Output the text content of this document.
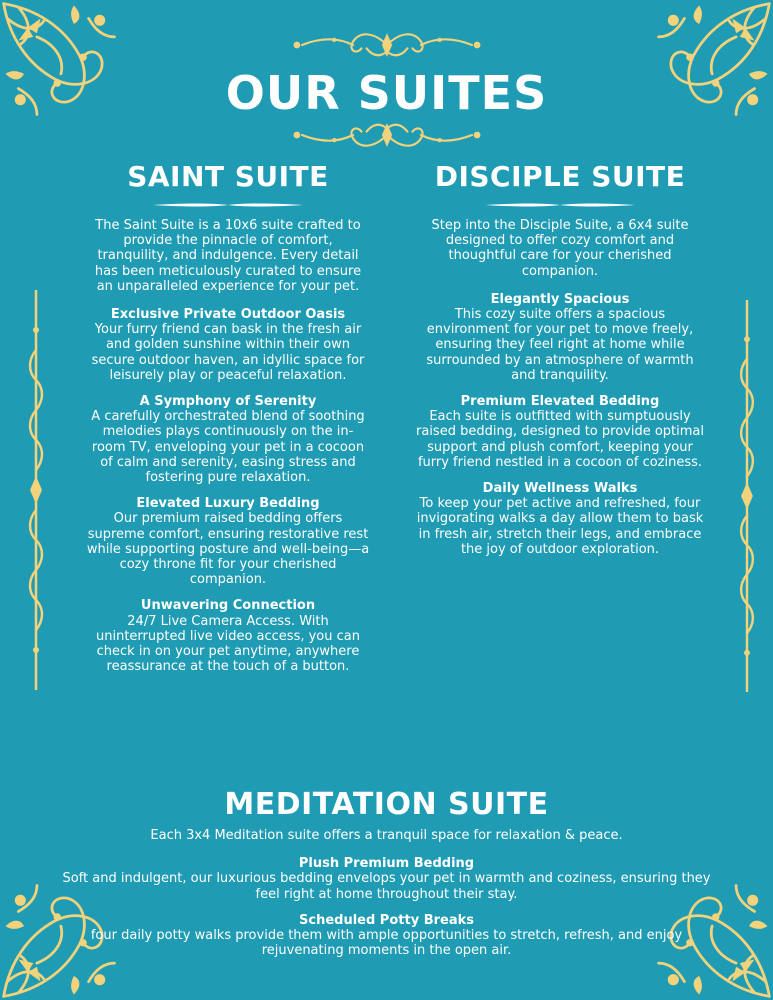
OUR SUITES
SAINT SUITE

The Saint Suite is a 10x6 suite crafted to provide the pinnacle of comfort, tranquility, and indulgence. Every detail has been meticulously curated to ensure an unparalleled experience for your pet.

Exclusive Private Outdoor Oasis

Your furry friend can bask in the fresh air and golden sunshine within their own secure outdoor haven, an idyllic space for leisurely play or peaceful relaxation.

A Symphony of Serenity

A carefully orchestrated blend of soothing melodies plays continuously on the in-room TV, enveloping your pet in a cocoon of calm and serenity, easing stress and fostering pure relaxation.

Elevated Luxury Bedding

Our premium raised bedding offers supreme comfort, ensuring restorative rest while supporting posture and well-being—a cozy throne fit for your cherished companion.

Unwavering Connection

24/7 Live Camera Access. With uninterrupted live video access, you can check in on your pet anytime, anywhere reassurance at the touch of a button.

DISCIPLE SUITE

Step into the Disciple Suite, a 6x4 suite designed to offer cozy comfort and thoughtful care for your cherished companion.

Elegantly Spacious

This cozy suite offers a spacious environment for your pet to move freely, ensuring they feel right at home while surrounded by an atmosphere of warmth and tranquility.

Premium Elevated Bedding

Each suite is outfitted with sumptuously raised bedding, designed to provide optimal support and plush comfort, keeping your furry friend nestled in a cocoon of coziness.

Daily Wellness Walks

To keep your pet active and refreshed, four invigorating walks a day allow them to bask in fresh air, stretch their legs, and embrace the joy of outdoor exploration.

MEDITATION SUITE

Each 3x4 Meditation suite offers a tranquil space for relaxation & peace.

Plush Premium Bedding

Soft and indulgent, our luxurious bedding envelops your pet in warmth and coziness, ensuring they feel right at home throughout their stay.

Scheduled Potty Breaks

four daily potty walks provide them with ample opportunities to stretch, refresh, and enjoy rejuvenating moments in the open air.
